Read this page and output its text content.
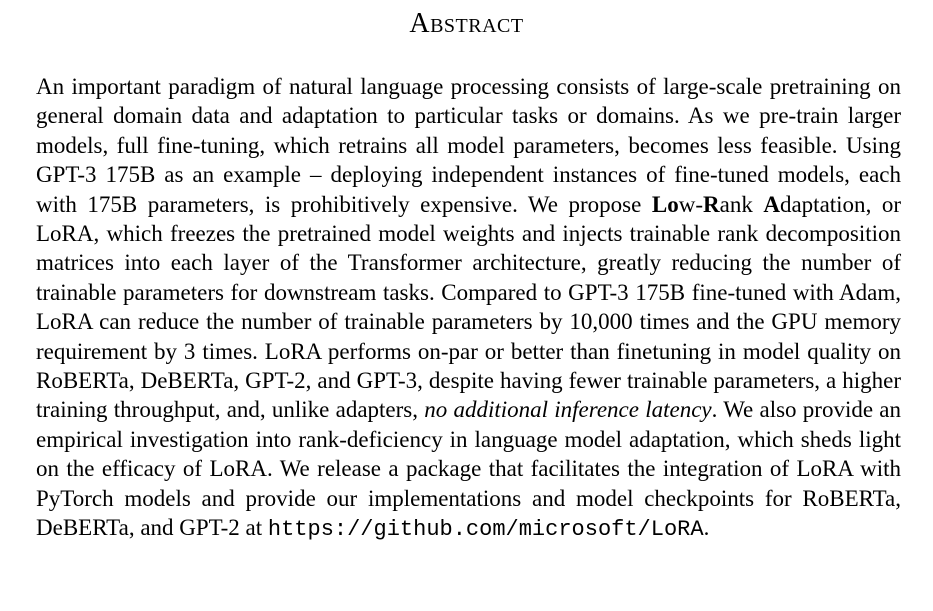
Abstract

An important paradigm of natural language processing consists of large-scale pretraining on general domain data and adaptation to particular tasks or domains. As we pre-train larger models, full fine-tuning, which retrains all model parameters, becomes less feasible. Using GPT-3 175B as an example – deploying independent instances of fine-tuned models, each with 175B parameters, is prohibitively expensive. We propose Low-Rank Adaptation, or LoRA, which freezes the pretrained model weights and injects trainable rank decomposition matrices into each layer of the Transformer architecture, greatly reducing the number of trainable parameters for downstream tasks. Compared to GPT-3 175B fine-tuned with Adam, LoRA can reduce the number of trainable parameters by 10,000 times and the GPU memory requirement by 3 times. LoRA performs on-par or better than finetuning in model quality on RoBERTa, DeBERTa, GPT-2, and GPT-3, despite having fewer trainable parameters, a higher training throughput, and, unlike adapters, no additional inference latency. We also provide an empirical investigation into rank-deficiency in language model adaptation, which sheds light on the efficacy of LoRA. We release a package that facilitates the integration of LoRA with PyTorch models and provide our implementations and model checkpoints for RoBERTa, DeBERTa, and GPT-2 at https://github.com/microsoft/LoRA.
